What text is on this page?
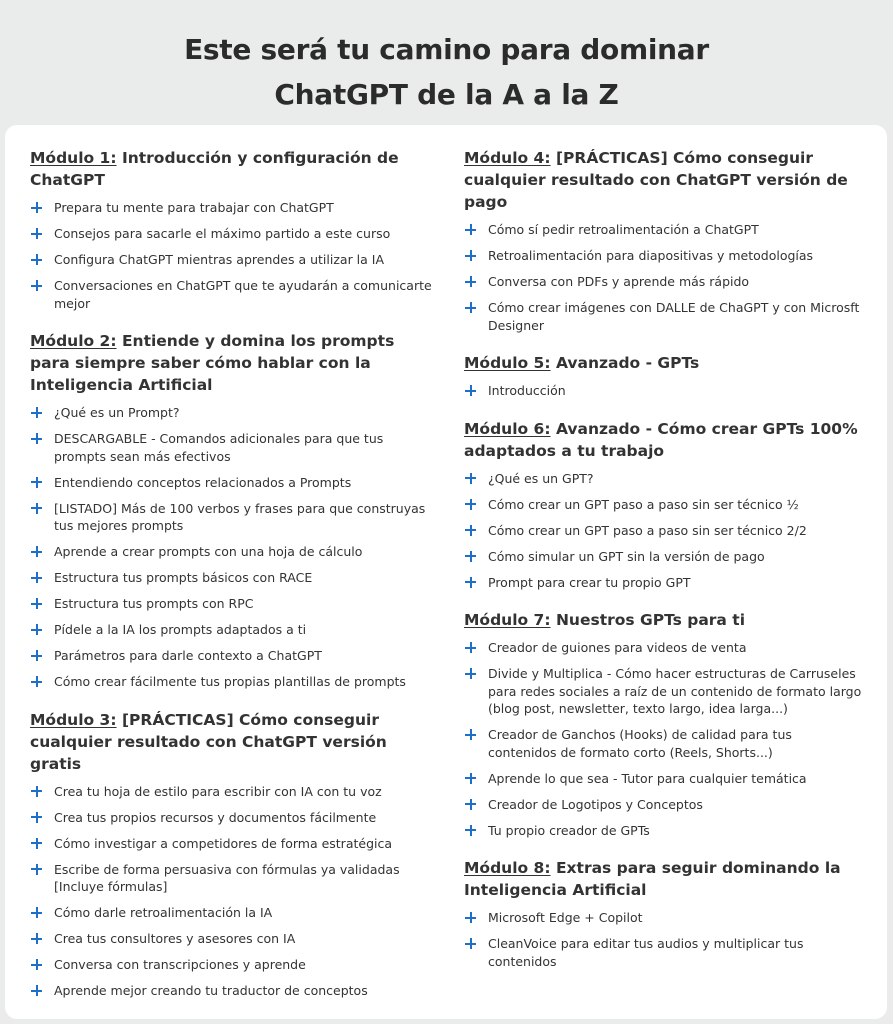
Este será tu camino para dominar
ChatGPT de la A a la Z
Módulo 1: Introducción y configuración de ChatGPT
Prepara tu mente para trabajar con ChatGPT
Consejos para sacarle el máximo partido a este curso
Configura ChatGPT mientras aprendes a utilizar la IA
Conversaciones en ChatGPT que te ayudarán a comunicarte mejor
Módulo 2: Entiende y domina los prompts para siempre saber cómo hablar con la Inteligencia Artificial
¿Qué es un Prompt?
DESCARGABLE - Comandos adicionales para que tus prompts sean más efectivos
Entendiendo conceptos relacionados a Prompts
[LISTADO] Más de 100 verbos y frases para que construyas tus mejores prompts
Aprende a crear prompts con una hoja de cálculo
Estructura tus prompts básicos con RACE
Estructura tus prompts con RPC
Pídele a la IA los prompts adaptados a ti
Parámetros para darle contexto a ChatGPT
Cómo crear fácilmente tus propias plantillas de prompts
Módulo 3: [PRÁCTICAS] Cómo conseguir cualquier resultado con ChatGPT versión gratis
Crea tu hoja de estilo para escribir con IA con tu voz
Crea tus propios recursos y documentos fácilmente
Cómo investigar a competidores de forma estratégica
Escribe de forma persuasiva con fórmulas ya validadas [Incluye fórmulas]
Cómo darle retroalimentación la IA
Crea tus consultores y asesores con IA
Conversa con transcripciones y aprende
Aprende mejor creando tu traductor de conceptos
Módulo 4: [PRÁCTICAS] Cómo conseguir cualquier resultado con ChatGPT versión de pago
Cómo sí pedir retroalimentación a ChatGPT
Retroalimentación para diapositivas y metodologías
Conversa con PDFs y aprende más rápido
Cómo crear imágenes con DALLE de ChaGPT y con Microsft Designer
Módulo 5: Avanzado - GPTs
Introducción
Módulo 6: Avanzado - Cómo crear GPTs 100% adaptados a tu trabajo
¿Qué es un GPT?
Cómo crear un GPT paso a paso sin ser técnico ½
Cómo crear un GPT paso a paso sin ser técnico 2/2
Cómo simular un GPT sin la versión de pago
Prompt para crear tu propio GPT
Módulo 7: Nuestros GPTs para ti
Creador de guiones para videos de venta
Divide y Multiplica - Cómo hacer estructuras de Carruseles para redes sociales a raíz de un contenido de formato largo (blog post, newsletter, texto largo, idea larga...)
Creador de Ganchos (Hooks) de calidad para tus contenidos de formato corto (Reels, Shorts...)
Aprende lo que sea - Tutor para cualquier temática
Creador de Logotipos y Conceptos
Tu propio creador de GPTs
Módulo 8: Extras para seguir dominando la Inteligencia Artificial
Microsoft Edge + Copilot
CleanVoice para editar tus audios y multiplicar tus contenidos
